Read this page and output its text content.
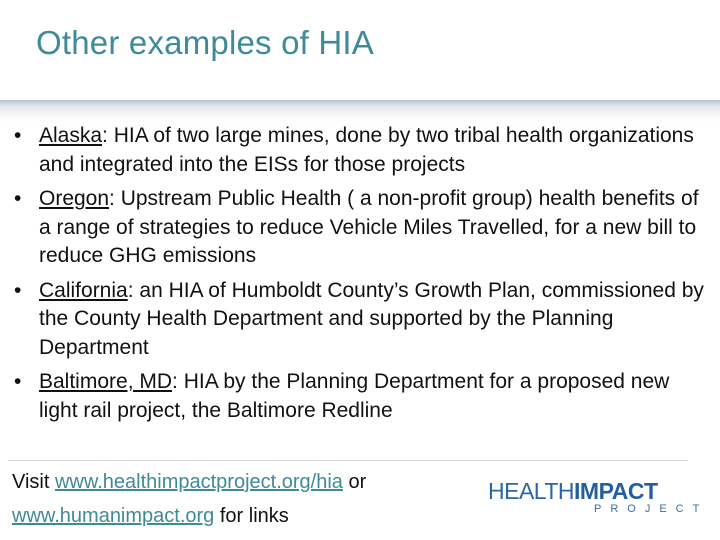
Other examples of HIA
• Alaska: HIA of two large mines, done by two tribal health organizations and integrated into the EISs for those projects
• Oregon: Upstream Public Health ( a non-profit group) health benefits of a range of strategies to reduce Vehicle Miles Travelled, for a new bill to reduce GHG emissions
• California: an HIA of Humboldt County’s Growth Plan, commissioned by the County Health Department and supported by the Planning Department
• Baltimore, MD: HIA by the Planning Department for a proposed new light rail project, the Baltimore Redline
Visit www.healthimpactproject.org/hia or
www.humanimpact.org for links
HEALTHIMPACT
PROJECT
